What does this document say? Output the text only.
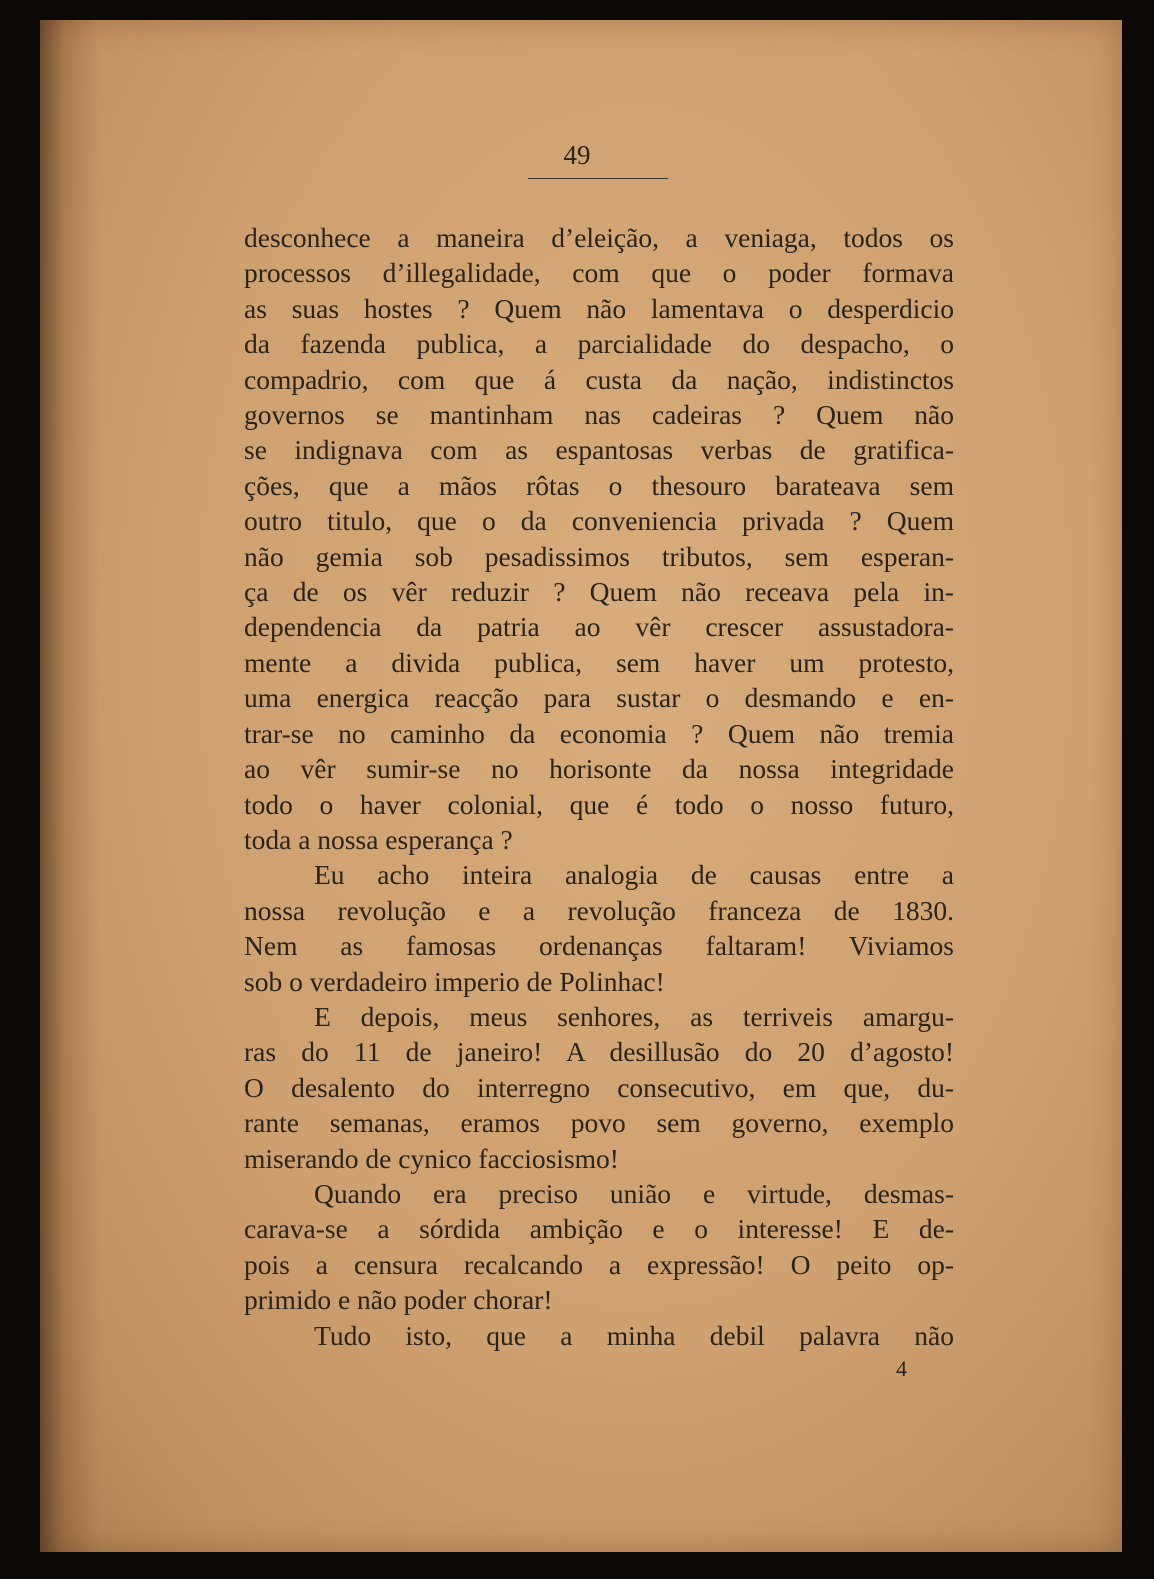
49
desconhece a maneira d’eleição, a veniaga, todos os
processos d’illegalidade, com que o poder formava
as suas hostes ? Quem não lamentava o desperdicio
da fazenda publica, a parcialidade do despacho, o
compadrio, com que á custa da nação, indistinctos
governos se mantinham nas cadeiras ? Quem não
se indignava com as espantosas verbas de gratifica-
ções, que a mãos rôtas o thesouro barateava sem
outro titulo, que o da conveniencia privada ? Quem
não gemia sob pesadissimos tributos, sem esperan-
ça de os vêr reduzir ? Quem não receava pela in-
dependencia da patria ao vêr crescer assustadora-
mente a divida publica, sem haver um protesto,
uma energica reacção para sustar o desmando e en-
trar-se no caminho da economia ? Quem não tremia
ao vêr sumir-se no horisonte da nossa integridade
todo o haver colonial, que é todo o nosso futuro,
toda a nossa esperança ?
Eu acho inteira analogia de causas entre a
nossa revolução e a revolução franceza de 1830.
Nem as famosas ordenanças faltaram! Viviamos
sob o verdadeiro imperio de Polinhac!
E depois, meus senhores, as terriveis amargu-
ras do 11 de janeiro! A desillusão do 20 d’agosto!
O desalento do interregno consecutivo, em que, du-
rante semanas, eramos povo sem governo, exemplo
miserando de cynico facciosismo!
Quando era preciso união e virtude, desmas-
carava-se a sórdida ambição e o interesse! E de-
pois a censura recalcando a expressão! O peito op-
primido e não poder chorar!
Tudo isto, que a minha debil palavra não
4
